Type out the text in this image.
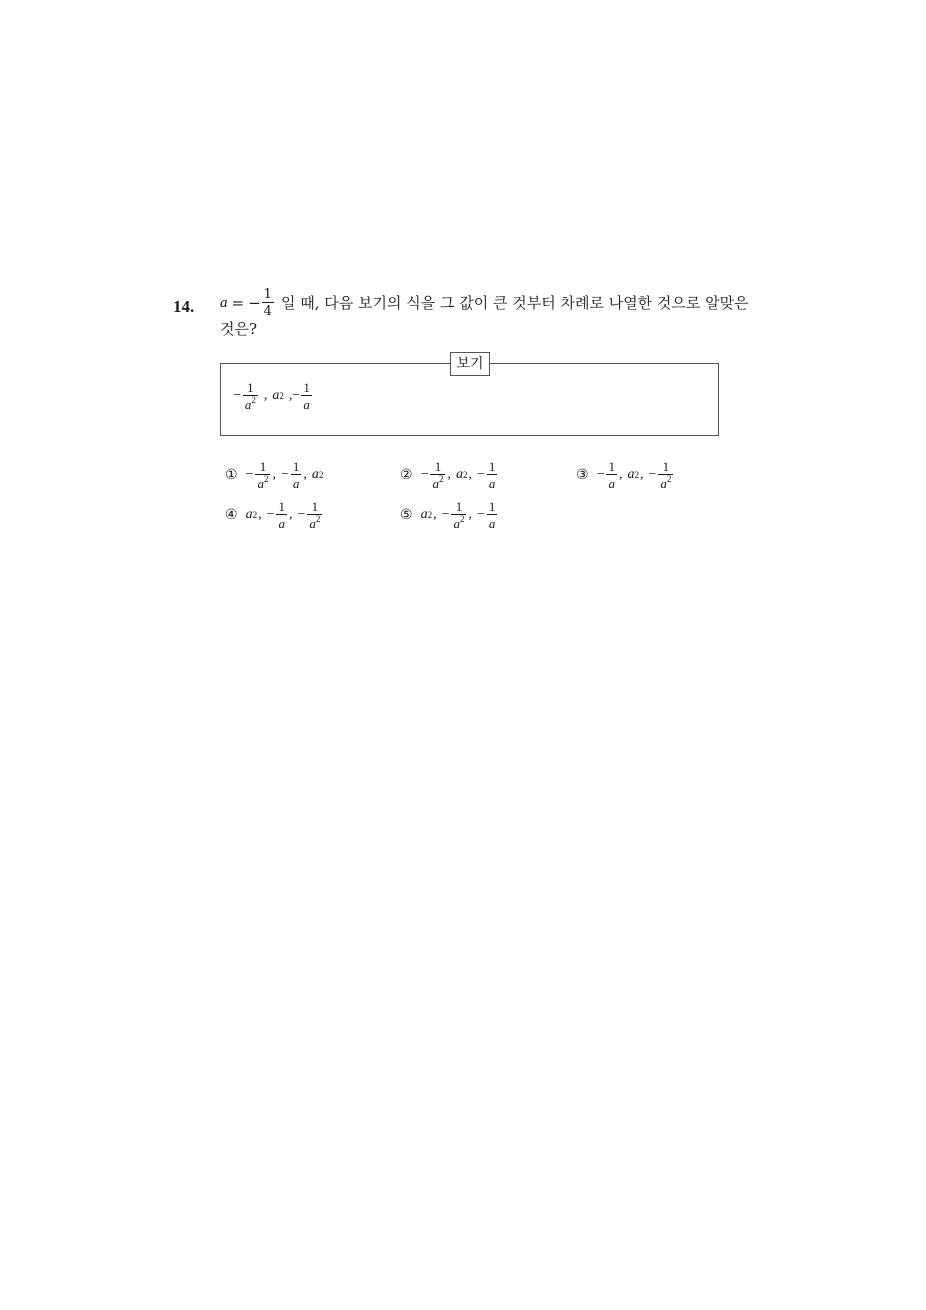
14. a = − $\frac{1}{4}$ 일 때, 다음 보기의 식을 그 값이 큰 것부터 차례로 나열한 것으로 알맞은
것은?
보기
− $\frac{1}{a^2}$ , a 2 ,− $\frac{1}{a}$
① − $\frac{1}{a^2}$ , − $\frac{1}{a}$ , a 2	② − $\frac{1}{a^2}$ , a 2 , − $\frac{1}{a}$	③ − $\frac{1}{a}$ , a 2 , − $\frac{1}{a^2}$
④ a 2 , − $\frac{1}{a}$ , − $\frac{1}{a^2}$	⑤ a 2 , − $\frac{1}{a^2}$ , − $\frac{1}{a}$
